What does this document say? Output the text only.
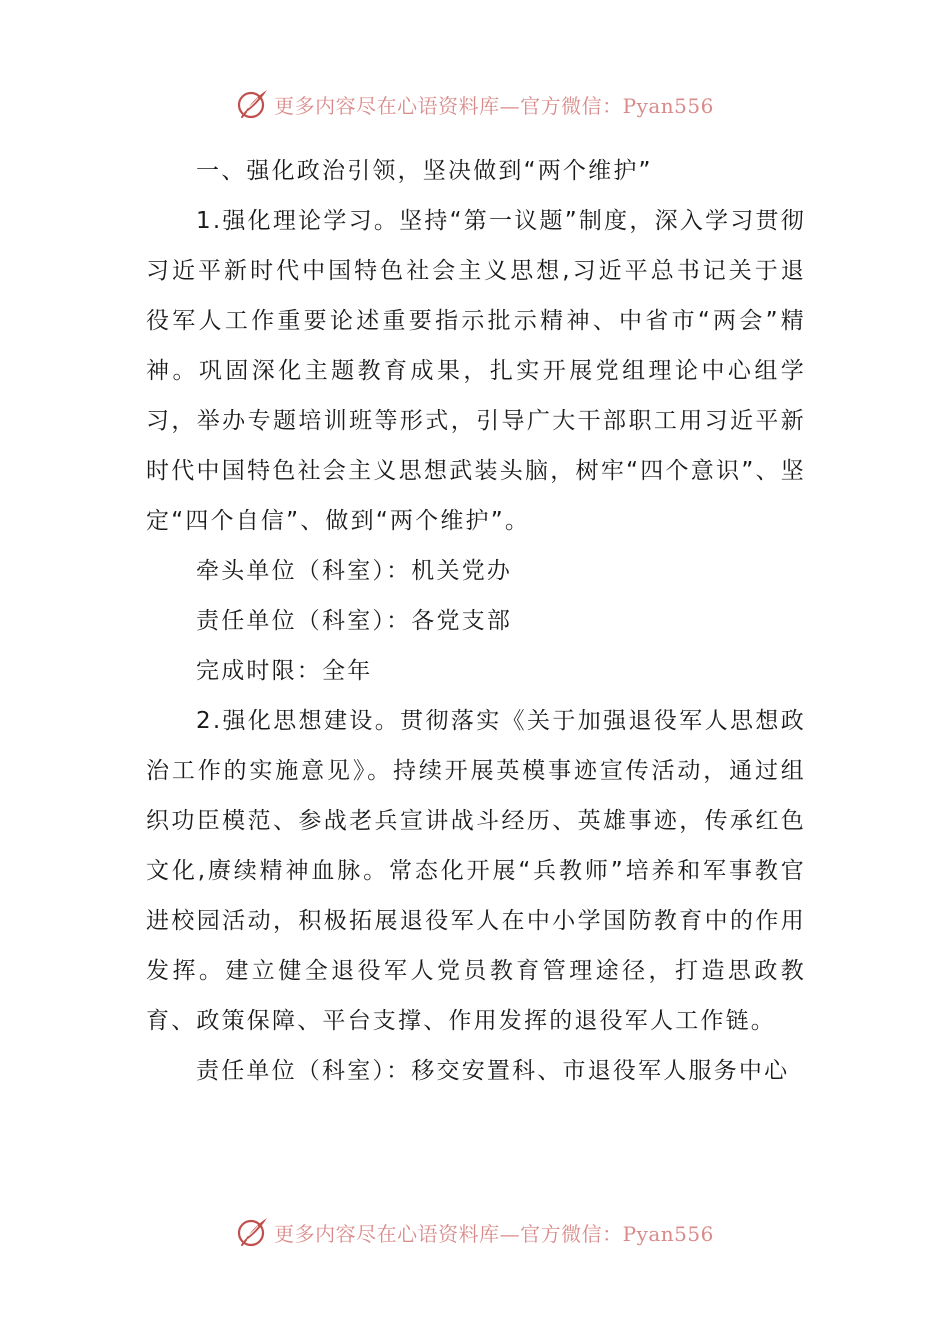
更多内容尽在心语资料库—官方微信：Pyan556

一、强化政治引领，坚决做到“两个维护”

1.强化理论学习。坚持“第一议题”制度，深入学习贯彻习近平新时代中国特色社会主义思想,习近平总书记关于退役军人工作重要论述重要指示批示精神、中省市“两会”精神。巩固深化主题教育成果，扎实开展党组理论中心组学习，举办专题培训班等形式，引导广大干部职工用习近平新时代中国特色社会主义思想武装头脑，树牢“四个意识”、坚定“四个自信”、做到“两个维护”。

牵头单位（科室）：机关党办

责任单位（科室）：各党支部

完成时限：全年

2.强化思想建设。贯彻落实《关于加强退役军人思想政治工作的实施意见》。持续开展英模事迹宣传活动，通过组织功臣模范、参战老兵宣讲战斗经历、英雄事迹，传承红色文化,赓续精神血脉。常态化开展“兵教师”培养和军事教官进校园活动，积极拓展退役军人在中小学国防教育中的作用发挥。建立健全退役军人党员教育管理途径，打造思政教育、政策保障、平台支撑、作用发挥的退役军人工作链。

责任单位（科室）：移交安置科、市退役军人服务中心

更多内容尽在心语资料库—官方微信：Pyan556
